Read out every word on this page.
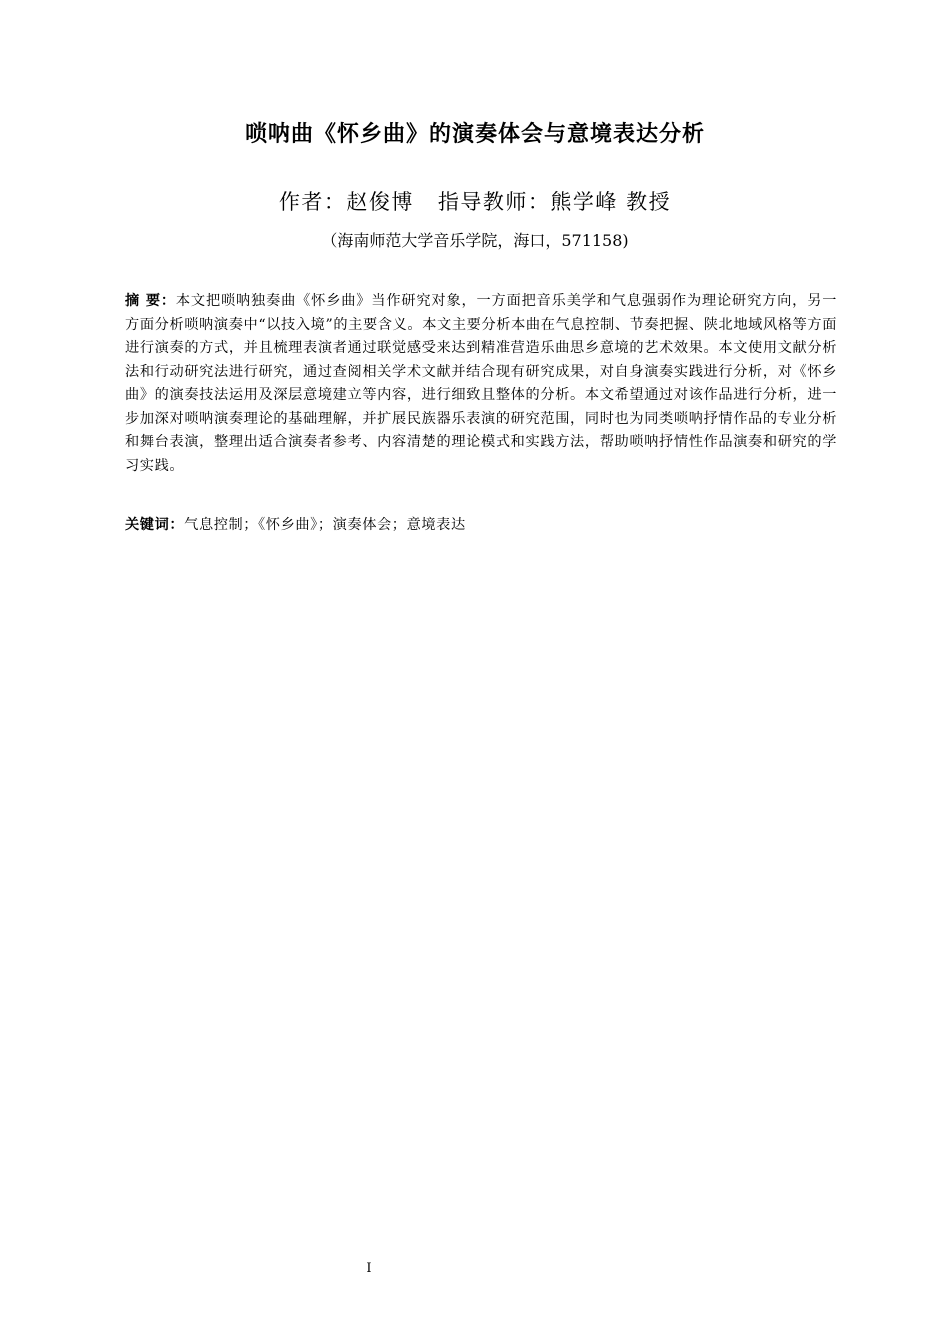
唢呐曲《怀乡曲》的演奏体会与意境表达分析
作者：赵俊博 指导教师：熊学峰 教授
（海南师范大学音乐学院，海口，571158)
摘 要：本文把唢呐独奏曲《怀乡曲》当作研究对象，一方面把音乐美学和气息强弱作为理论研究方向，另一方面分析唢呐演奏中“以技入境”的主要含义。本文主要分析本曲在气息控制、节奏把握、陕北地域风格等方面进行演奏的方式，并且梳理表演者通过联觉感受来达到精准营造乐曲思乡意境的艺术效果。本文使用文献分析法和行动研究法进行研究，通过查阅相关学术文献并结合现有研究成果，对自身演奏实践进行分析，对《怀乡曲》的演奏技法运用及深层意境建立等内容，进行细致且整体的分析。本文希望通过对该作品进行分析，进一步加深对唢呐演奏理论的基础理解，并扩展民族器乐表演的研究范围，同时也为同类唢呐抒情作品的专业分析和舞台表演，整理出适合演奏者参考、内容清楚的理论模式和实践方法，帮助唢呐抒情性作品演奏和研究的学习实践。
关键词：气息控制；《怀乡曲》；演奏体会；意境表达
I
